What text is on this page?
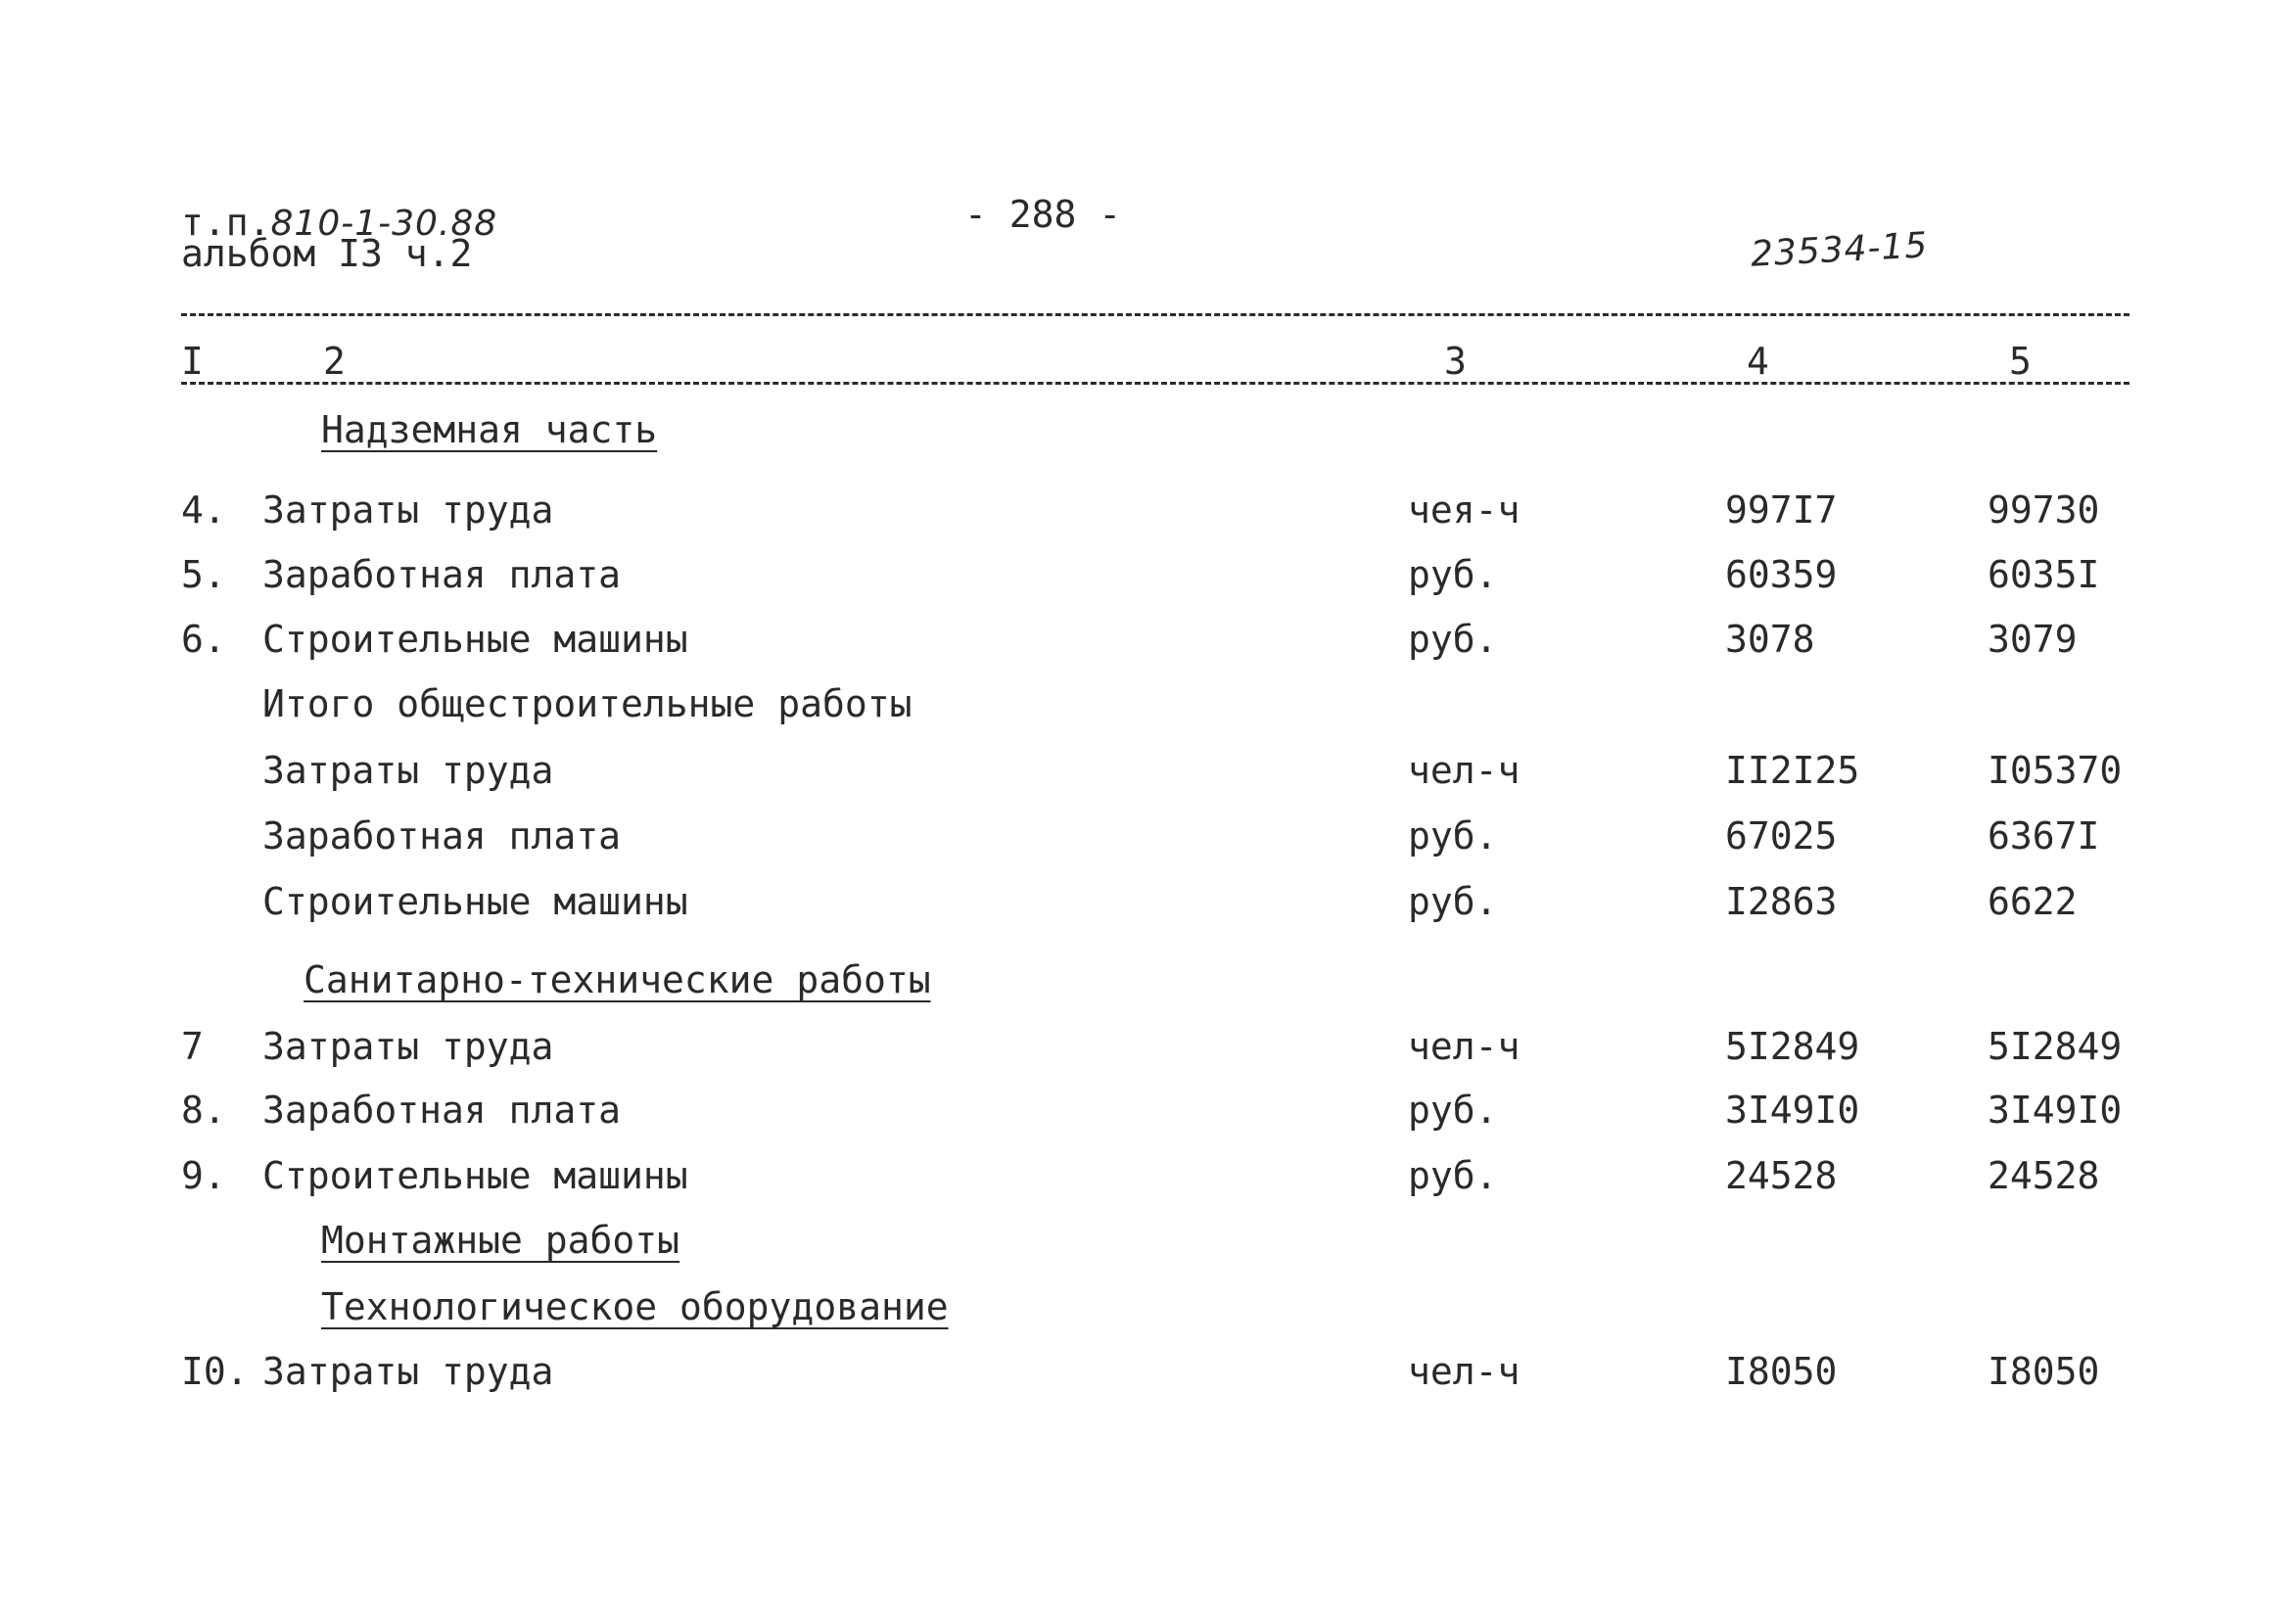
т.п.810-1-30.88
альбом I3 ч.2
- 288 -
23534-15
I	2	3	4	5
Надземная часть
4. Затраты труда	чея-ч	997I7	99730
5. Заработная плата	руб.	60359	6035I
6. Строительные машины	руб.	3078	3079
Итого общестроительные работы
Затраты труда	чел-ч	II2I25	I05370
Заработная плата	руб.	67025	6367I
Строительные машины	руб.	I2863	6622
Санитарно-технические работы
7 Затраты труда	чел-ч	5I2849	5I2849
8. Заработная плата	руб.	3I49I0	3I49I0
9. Строительные машины	руб.	24528	24528
Монтажные работы
Технологическое оборудование
I0. Затраты труда	чел-ч	I8050	I8050
